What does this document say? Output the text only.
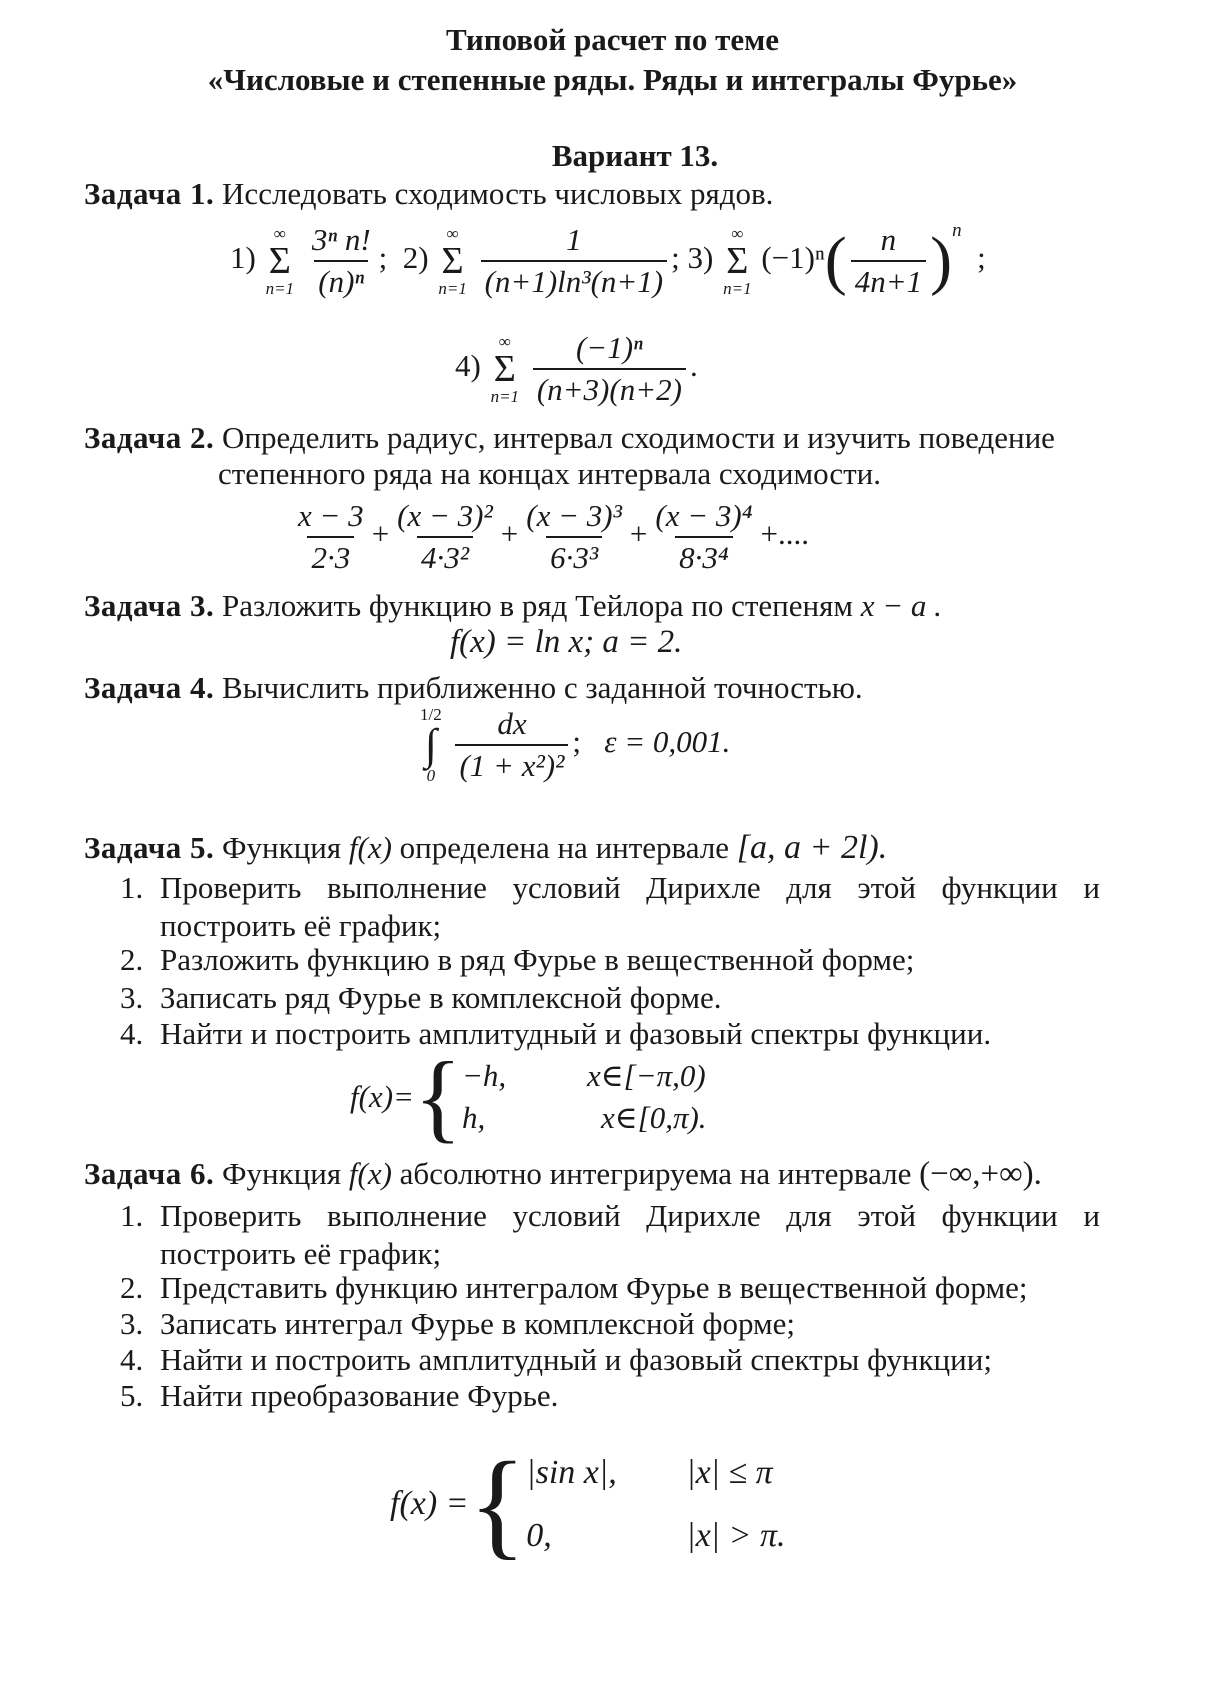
Типовой расчет по теме
«Числовые и степенные ряды. Ряды и интегралы Фурье»
Вариант 13.
Задача 1. Исследовать сходимость числовых рядов.
1)
∞
Σ
n=1
$\frac{\text{3ⁿ n!}}{\text{(n)ⁿ}}$ ; 2)
∞
Σ
n=1
$\frac{1}{\text{(n+1)ln³(n+1)}}$ ; 3)
∞
Σ
n=1
$(-1)^n( \frac{n}{4n+1} )^n$  ;
4)
∞
Σ
n=1
$\frac{\text{(−1)ⁿ}}{(n+3)(n+2)}$ .
Задача 2. Определить радиус, интервал сходимости и изучить поведение
степенного ряда на концах интервала сходимости.
$\frac{x - 3}{2\cdot 3} + \frac{\text{(x − 3)²}}{\text{4·3²}} + \frac{\text{(x − 3)³}}{\text{6·3³}} + \frac{\text{(x − 3)⁴}}{\text{8·3⁴}}$ +....
Задача 3. Разложить функцию в ряд Тейлора по степеням x − a .
f(x) = ln x; a = 2.
Задача 4. Вычислить приближенно с заданной точностью.
1/2
∫
0
$\frac{dx}{\text{(1 + x²)²}}$ ; ε = 0,001.
Задача 5. Функция f(x) определена на интервале [a, a + 2l).
1. Проверить выполнение условий Дирихле для этой функции и
построить её график;
2. Разложить функцию в ряд Фурье в вещественной форме;
3. Записать ряд Фурье в комплексной форме.
4. Найти и построить амплитудный и фазовый спектры функции.
f(x)= { −h,	x∈[−π,0)
h,	x∈[0,π).
Задача 6. Функция f(x) абсолютно интегрируема на интервале (−∞,+∞).
1. Проверить выполнение условий Дирихле для этой функции и
построить её график;
2. Представить функцию интегралом Фурье в вещественной форме;
3. Записать интеграл Фурье в комплексной форме;
4. Найти и построить амплитудный и фазовый спектры функции;
5. Найти преобразование Фурье.
f(x) = { |sin x|,	|x| ≤ π
0,	|x| > π.
